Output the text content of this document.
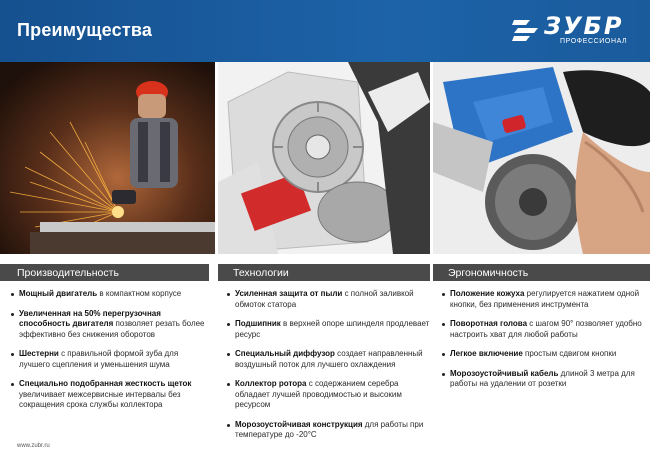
Преимущества	ЗУБР
ПРОФЕССИОНАЛ
Производительность
Мощный двигатель в компактном корпусе
Увеличенная на 50% перегрузочная способность двигателя позволяет резать более эффективно без снижения оборотов
Шестерни с правильной формой зуба для лучшего сцепления и уменьшения шума
Специально подобранная жесткость щеток увеличивает межсервисные интервалы без сокращения срока службы коллектора
Технологии
Усиленная защита от пыли с полной заливкой обмоток статора
Подшипник в верхней опоре шпинделя продлевает ресурс
Специальный диффузор создает направленный воздушный поток для лучшего охлаждения
Коллектор ротора с содержанием серебра обладает лучшей проводимостью и высоким ресурсом
Морозоустойчивая конструкция для работы при температуре до -20°С
Эргономичность
Положение кожуха регулируется нажатием одной кнопки, без применения инструмента
Поворотная голова с шагом 90° позволяет удобно настроить хват для любой работы
Легкое включение простым сдвигом кнопки
Морозоустойчивый кабель длиной 3 метра для работы на удалении от розетки
www.zubr.ru
